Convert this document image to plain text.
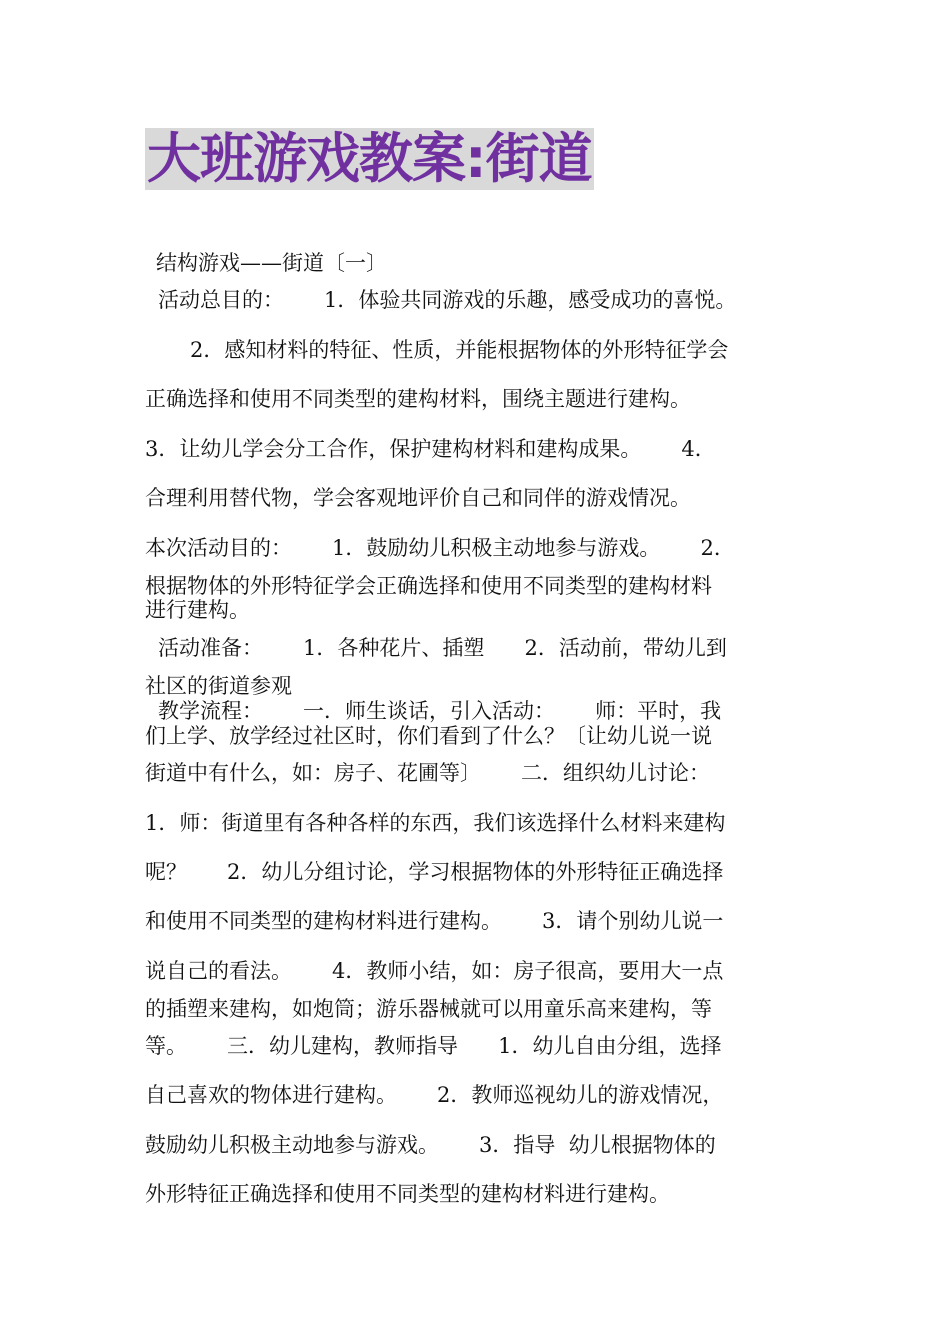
大班游戏教案:街道
结构游戏——街道〔一〕
活动总目的：      1．体验共同游戏的乐趣，感受成功的喜悦。
2．感知材料的特征、性质，并能根据物体的外形特征学会
正确选择和使用不同类型的建构材料，围绕主题进行建构。
3．让幼儿学会分工合作，保护建构材料和建构成果。      4．
合理利用替代物，学会客观地评价自己和同伴的游戏情况。
本次活动目的：      1．鼓励幼儿积极主动地参与游戏。      2．
根据物体的外形特征学会正确选择和使用不同类型的建构材料
进行建构。
活动准备：      1．各种花片、插塑      2．活动前，带幼儿到
社区的街道参观
教学流程：      一．师生谈话，引入活动：      师：平时，我
们上学、放学经过社区时，你们看到了什么？〔让幼儿说一说
街道中有什么，如：房子、花圃等〕      二．组织幼儿讨论：
1．师：街道里有各种各样的东西，我们该选择什么材料来建构
呢？      2．幼儿分组讨论，学习根据物体的外形特征正确选择
和使用不同类型的建构材料进行建构。      3．请个别幼儿说一
说自己的看法。      4．教师小结，如：房子很高，要用大一点
的插塑来建构，如炮筒；游乐器械就可以用童乐高来建构，等
等。      三．幼儿建构，教师指导      1．幼儿自由分组，选择
自己喜欢的物体进行建构。      2．教师巡视幼儿的游戏情况，
鼓励幼儿积极主动地参与游戏。      3．指导  幼儿根据物体的
外形特征正确选择和使用不同类型的建构材料进行建构。
